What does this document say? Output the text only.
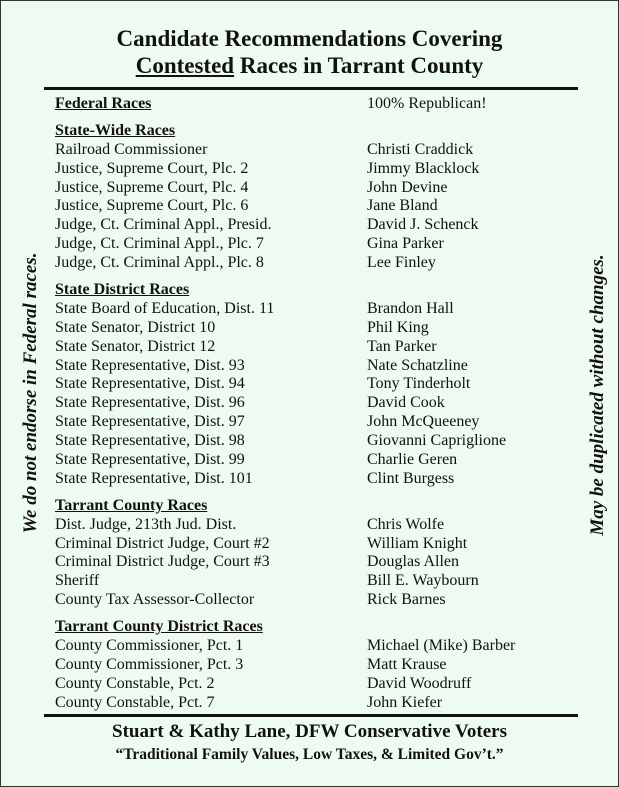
Candidate Recommendations Covering
Contested Races in Tarrant County
We do not endorse in Federal races.	May be duplicated without changes.
Federal Races	100% Republican!
State-Wide Races
Railroad Commissioner	Christi Craddick
Justice, Supreme Court, Plc. 2	Jimmy Blacklock
Justice, Supreme Court, Plc. 4	John Devine
Justice, Supreme Court, Plc. 6	Jane Bland
Judge, Ct. Criminal Appl., Presid.	David J. Schenck
Judge, Ct. Criminal Appl., Plc. 7	Gina Parker
Judge, Ct. Criminal Appl., Plc. 8	Lee Finley
State District Races
State Board of Education, Dist. 11	Brandon Hall
State Senator, District 10	Phil King
State Senator, District 12	Tan Parker
State Representative, Dist. 93	Nate Schatzline
State Representative, Dist. 94	Tony Tinderholt
State Representative, Dist. 96	David Cook
State Representative, Dist. 97	John McQueeney
State Representative, Dist. 98	Giovanni Capriglione
State Representative, Dist. 99	Charlie Geren
State Representative, Dist. 101	Clint Burgess
Tarrant County Races
Dist. Judge, 213th Jud. Dist.	Chris Wolfe
Criminal District Judge, Court #2	William Knight
Criminal District Judge, Court #3	Douglas Allen
Sheriff	Bill E. Waybourn
County Tax Assessor-Collector	Rick Barnes
Tarrant County District Races
County Commissioner, Pct. 1	Michael (Mike) Barber
County Commissioner, Pct. 3	Matt Krause
County Constable, Pct. 2	David Woodruff
County Constable, Pct. 7	John Kiefer
Stuart & Kathy Lane, DFW Conservative Voters
“Traditional Family Values, Low Taxes, & Limited Gov’t.”
